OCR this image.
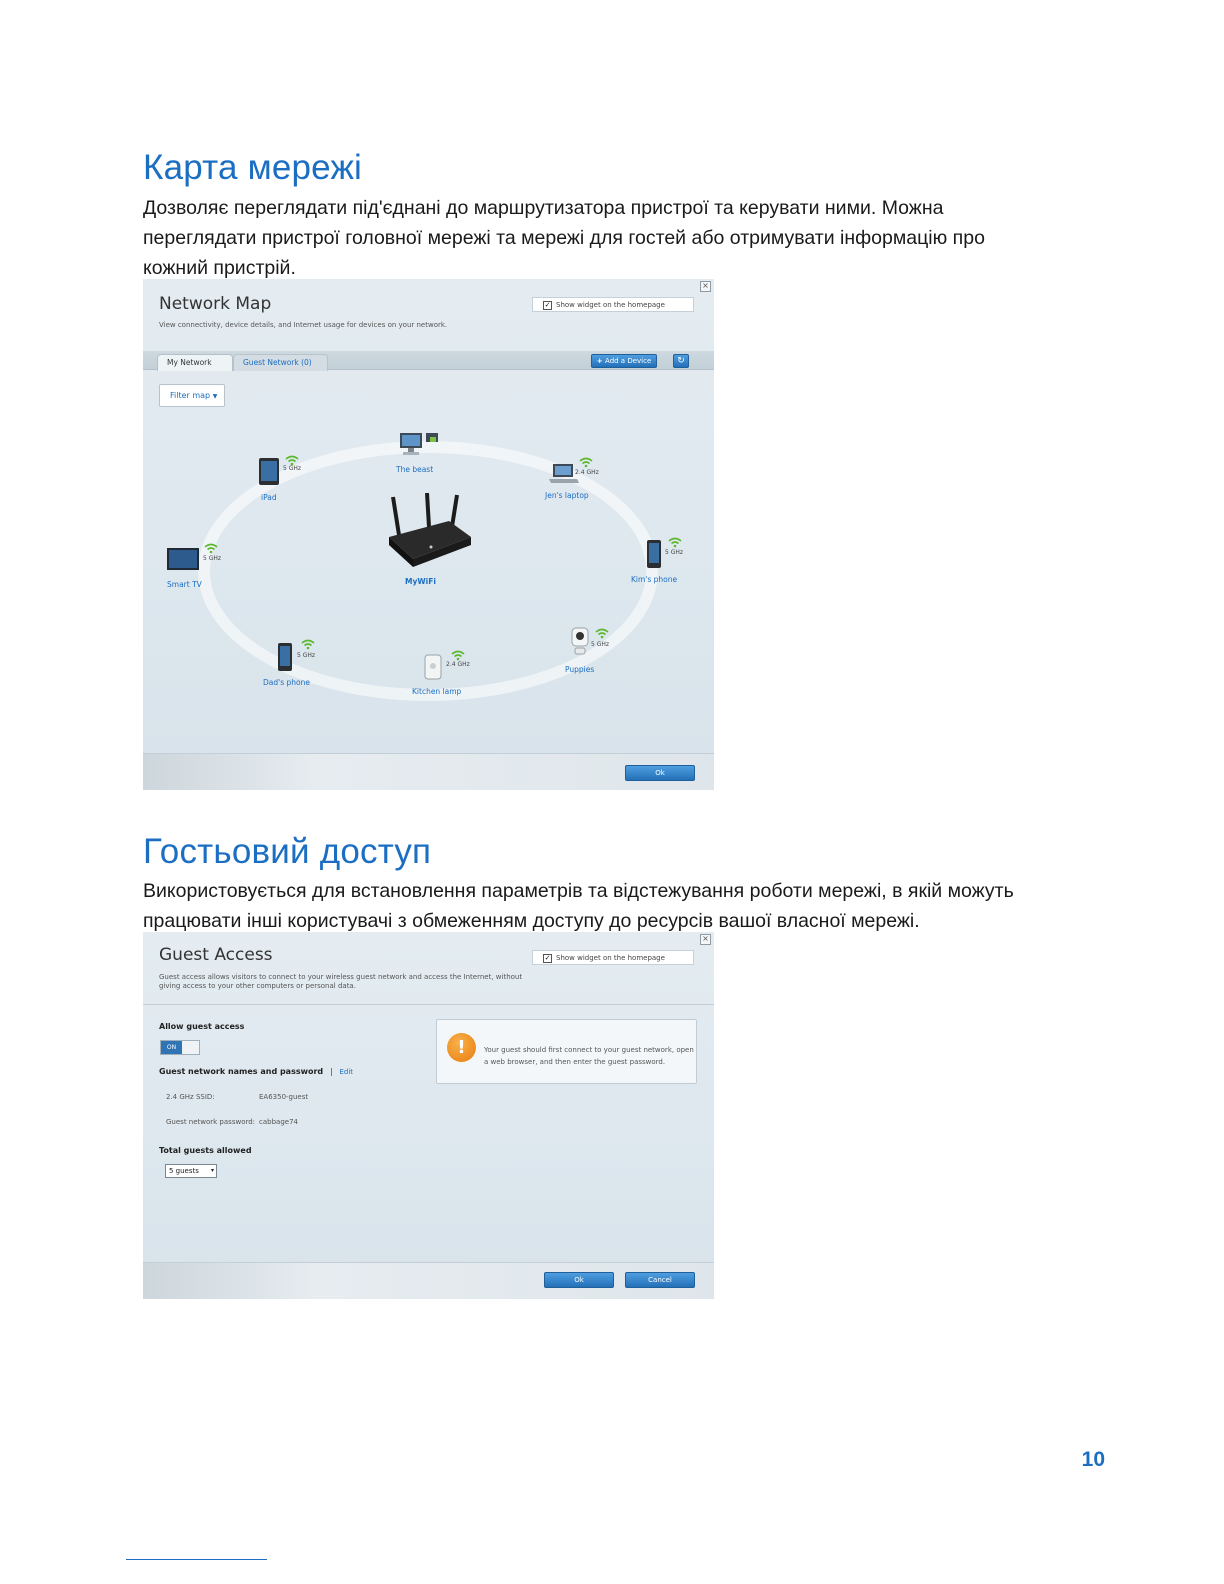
Карта мережі
Дозволяє переглядати під'єднані до маршрутизатора пристрої та керувати ними. Можна
переглядати пристрої головної мережі та мережі для гостей або отримувати інформацію про
кожний пристрій.
×
Network Map
View connectivity, device details, and Internet usage for devices on your network.
✓ Show widget on the homepage
My Network	Guest Network (0)	+ Add a Device	↻
Filter map ▼
MyWiFi
The beast
5 GHz
iPad
2.4 GHz
Jen's laptop
5 GHz
Smart TV
5 GHz
Kim's phone
5 GHz
Dad's phone
2.4 GHz
Kitchen lamp
5 GHz
Puppies
Ok
Гостьовий доступ
Використовується для встановлення параметрів та відстежування роботи мережі, в якій можуть
працювати інші користувачі з обмеженням доступу до ресурсів вашої власної мережі.
×
Guest Access
Guest access allows visitors to connect to your wireless guest network and access the Internet, without
giving access to your other computers or personal data.
✓ Show widget on the homepage
Allow guest access
ON
Guest network names and password | Edit
2.4 GHz SSID:	EA6350-guest
Guest network password: cabbage74
Total guests allowed
5 guests ▾
!	Your guest should first connect to your guest network, open
a web browser, and then enter the guest password.
Ok	Cancel
10
